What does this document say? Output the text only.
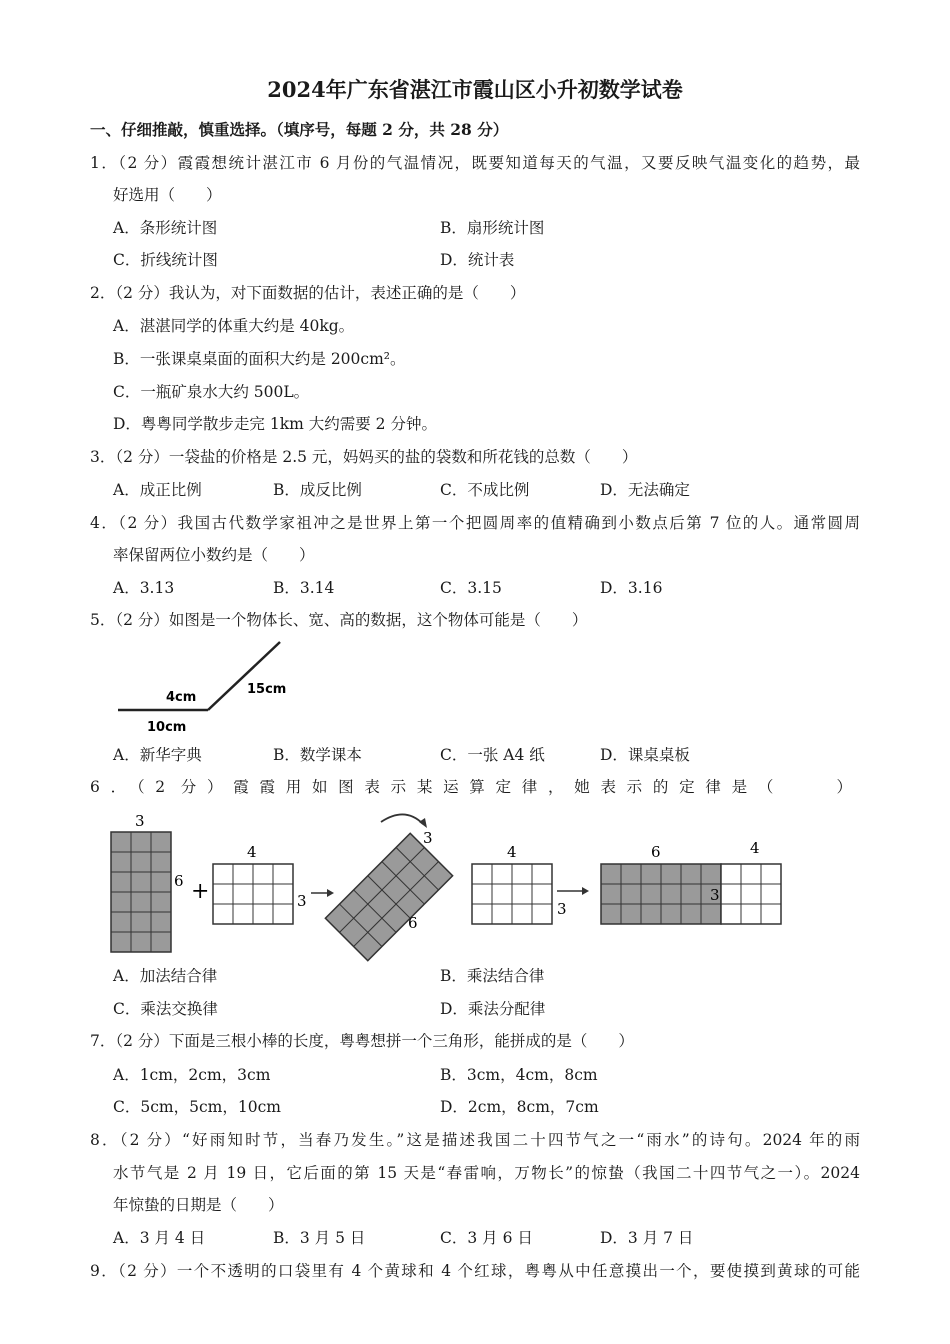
2024年广东省湛江市霞山区小升初数学试卷
一、仔细推敲，慎重选择。（填序号，每题 2 分，共 28 分）
1．（2 分）霞霞想统计湛江市 6 月份的气温情况，既要知道每天的气温，又要反映气温变化的趋势，最
好选用（　　）
A．条形统计图	B．扇形统计图
C．折线统计图	D．统计表
2．（2 分）我认为，对下面数据的估计，表述正确的是（　　）
A．湛湛同学的体重大约是 40kg。
B．一张课桌桌面的面积大约是 200cm²。
C．一瓶矿泉水大约 500L。
D．粤粤同学散步走完 1km 大约需要 2 分钟。
3．（2 分）一袋盐的价格是 2.5 元，妈妈买的盐的袋数和所花钱的总数（　　）
A．成正比例	B．成反比例	C．不成比例	D．无法确定
4．（2 分）我国古代数学家祖冲之是世界上第一个把圆周率的值精确到小数点后第 7 位的人。通常圆周
率保留两位小数约是（　　）
A．3.13	B．3.14	C．3.15	D．3.16
5．（2 分）如图是一个物体长、宽、高的数据，这个物体可能是（　　）
4cm
15cm
10cm
A．新华字典	B．数学课本	C．一张 A4 纸	D．课桌桌板
6．（2 分）霞霞用如图表示某运算定律，她表示的定律是（　　）
3
6 +
4
3
3
6
4
3
6	4
3
A．加法结合律	B．乘法结合律
C．乘法交换律	D．乘法分配律
7．（2 分）下面是三根小棒的长度，粤粤想拼一个三角形，能拼成的是（　　）
A．1cm，2cm，3cm	B．3cm，4cm，8cm
C．5cm，5cm，10cm	D．2cm，8cm，7cm
8．（2 分）“好雨知时节，当春乃发生。”这是描述我国二十四节气之一“雨水”的诗句。2024 年的雨
水节气是 2 月 19 日，它后面的第 15 天是“春雷响，万物长”的惊蛰（我国二十四节气之一）。2024
年惊蛰的日期是（　　）
A．3 月 4 日	B．3 月 5 日	C．3 月 6 日	D．3 月 7 日
9．（2 分）一个不透明的口袋里有 4 个黄球和 4 个红球，粤粤从中任意摸出一个，要使摸到黄球的可能
